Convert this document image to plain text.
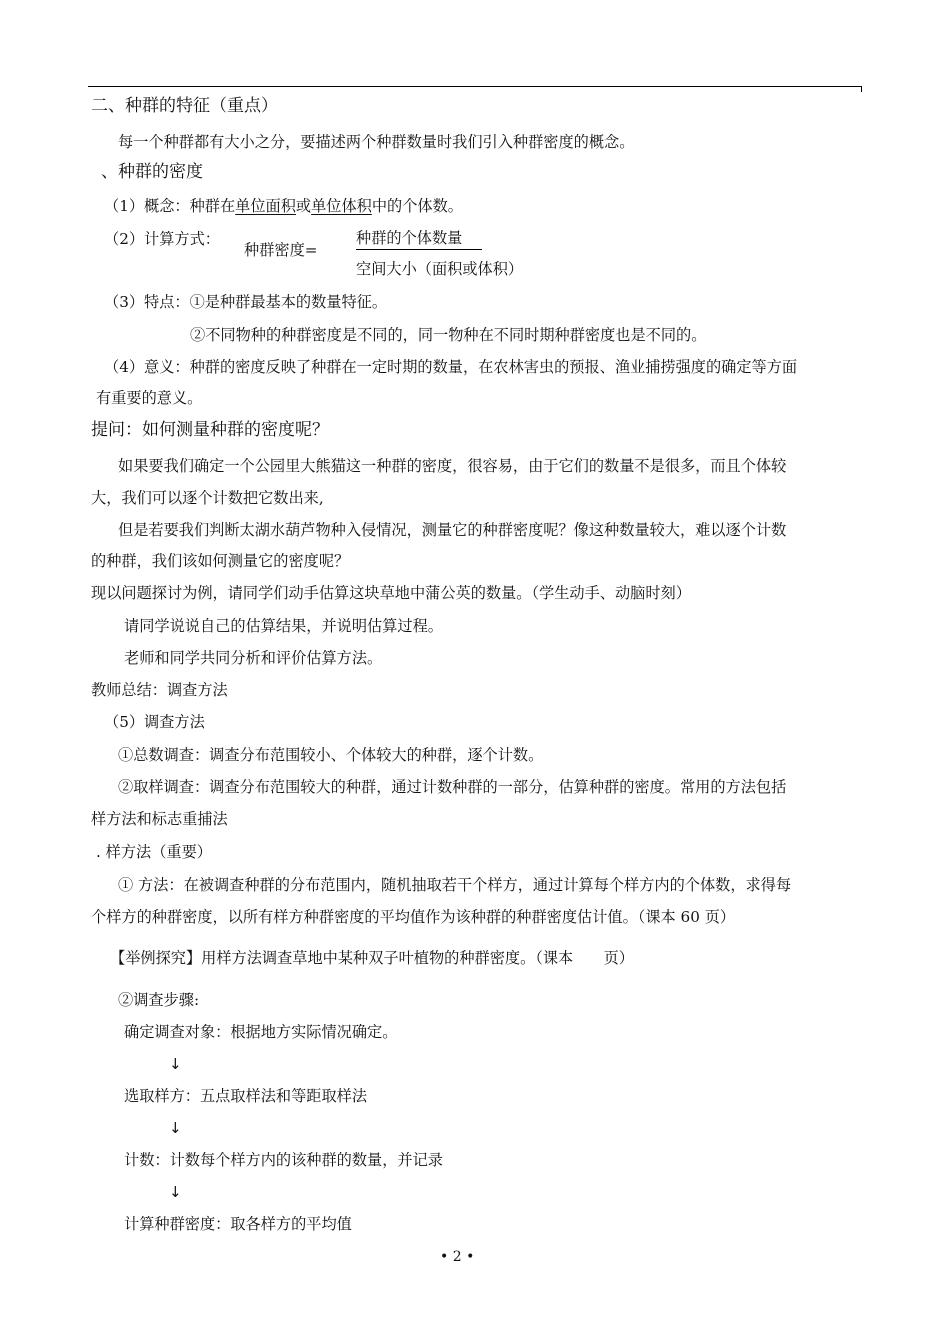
二、种群的特征（重点）
每一个种群都有大小之分，要描述两个种群数量时我们引入种群密度的概念。
、种群的密度
（1）概念：种群在单位面积或单位体积中的个体数。
（2）计算方式：
种群密度=
种群的个体数量
空间大小（面积或体积）
（3）特点：①是种群最基本的数量特征。
②不同物种的种群密度是不同的，同一物种在不同时期种群密度也是不同的。
（4）意义：种群的密度反映了种群在一定时期的数量，在农林害虫的预报、渔业捕捞强度的确定等方面
有重要的意义。
提问：如何测量种群的密度呢？
如果要我们确定一个公园里大熊猫这一种群的密度，很容易，由于它们的数量不是很多，而且个体较
大，我们可以逐个计数把它数出来,
但是若要我们判断太湖水葫芦物种入侵情况，测量它的种群密度呢？像这种数量较大，难以逐个计数
的种群，我们该如何测量它的密度呢？
现以问题探讨为例，请同学们动手估算这块草地中蒲公英的数量。（学生动手、动脑时刻）
请同学说说自己的估算结果，并说明估算过程。
老师和同学共同分析和评价估算方法。
教师总结：调查方法
（5）调查方法
①总数调查：调查分布范围较小、个体较大的种群，逐个计数。
②取样调查：调查分布范围较大的种群，通过计数种群的一部分，估算种群的密度。常用的方法包括
样方法和标志重捕法
. 样方法（重要）
① 方法：在被调查种群的分布范围内，随机抽取若干个样方，通过计算每个样方内的个体数，求得每
个样方的种群密度，以所有样方种群密度的平均值作为该种群的种群密度估计值。（课本 60 页）
【举例探究】用样方法调查草地中某种双子叶植物的种群密度。（课本　　页）
②调查步骤:
确定调查对象：根据地方实际情况确定。
↓
选取样方：五点取样法和等距取样法
↓
计数：计数每个样方内的该种群的数量，并记录
↓
计算种群密度：取各样方的平均值
• 2 •
